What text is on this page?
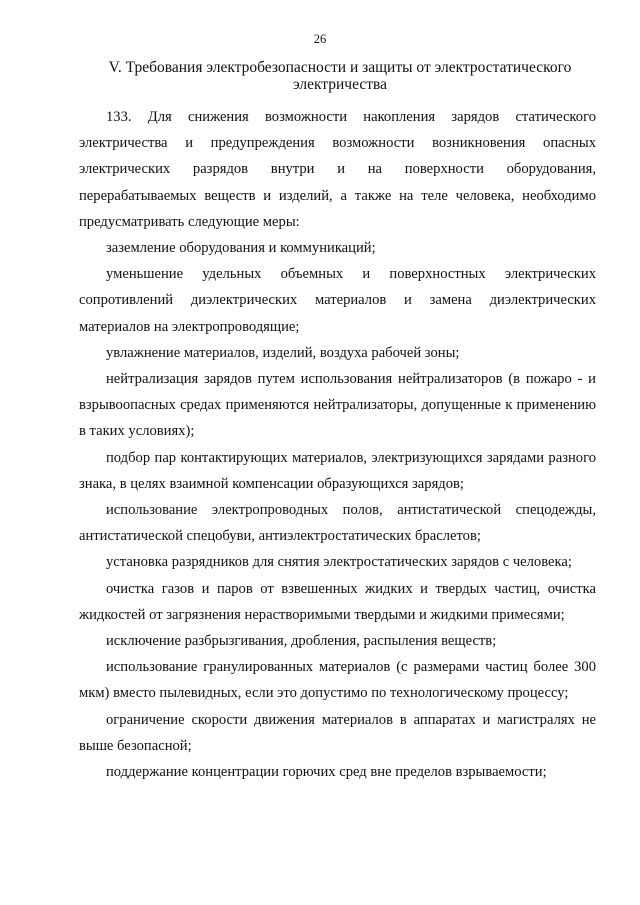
26
V. Требования электробезопасности и защиты от электростатического электричества

133. Для снижения возможности накопления зарядов статического электричества и предупреждения возможности возникновения опасных электрических разрядов внутри и на поверхности оборудования, перерабатываемых веществ и изделий, а также на теле человека, необходимо предусматривать следующие меры:

заземление оборудования и коммуникаций;

уменьшение удельных объемных и поверхностных электрических сопротивлений диэлектрических материалов и замена диэлектрических материалов на электропроводящие;

увлажнение материалов, изделий, воздуха рабочей зоны;

нейтрализация зарядов путем использования нейтрализаторов (в пожаро - и взрывоопасных средах применяются нейтрализаторы, допущенные к применению в таких условиях);

подбор пар контактирующих материалов, электризующихся зарядами разного знака, в целях взаимной компенсации образующихся зарядов;

использование электропроводных полов, антистатической спецодежды, антистатической спецобуви, антиэлектростатических браслетов;

установка разрядников для снятия электростатических зарядов с человека;

очистка газов и паров от взвешенных жидких и твердых частиц, очистка жидкостей от загрязнения нерастворимыми твердыми и жидкими примесями;

исключение разбрызгивания, дробления, распыления веществ;

использование гранулированных материалов (с размерами частиц более 300 мкм) вместо пылевидных, если это допустимо по технологическому процессу;

ограничение скорости движения материалов в аппаратах и магистралях не выше безопасной;

поддержание концентрации горючих сред вне пределов взрываемости;
